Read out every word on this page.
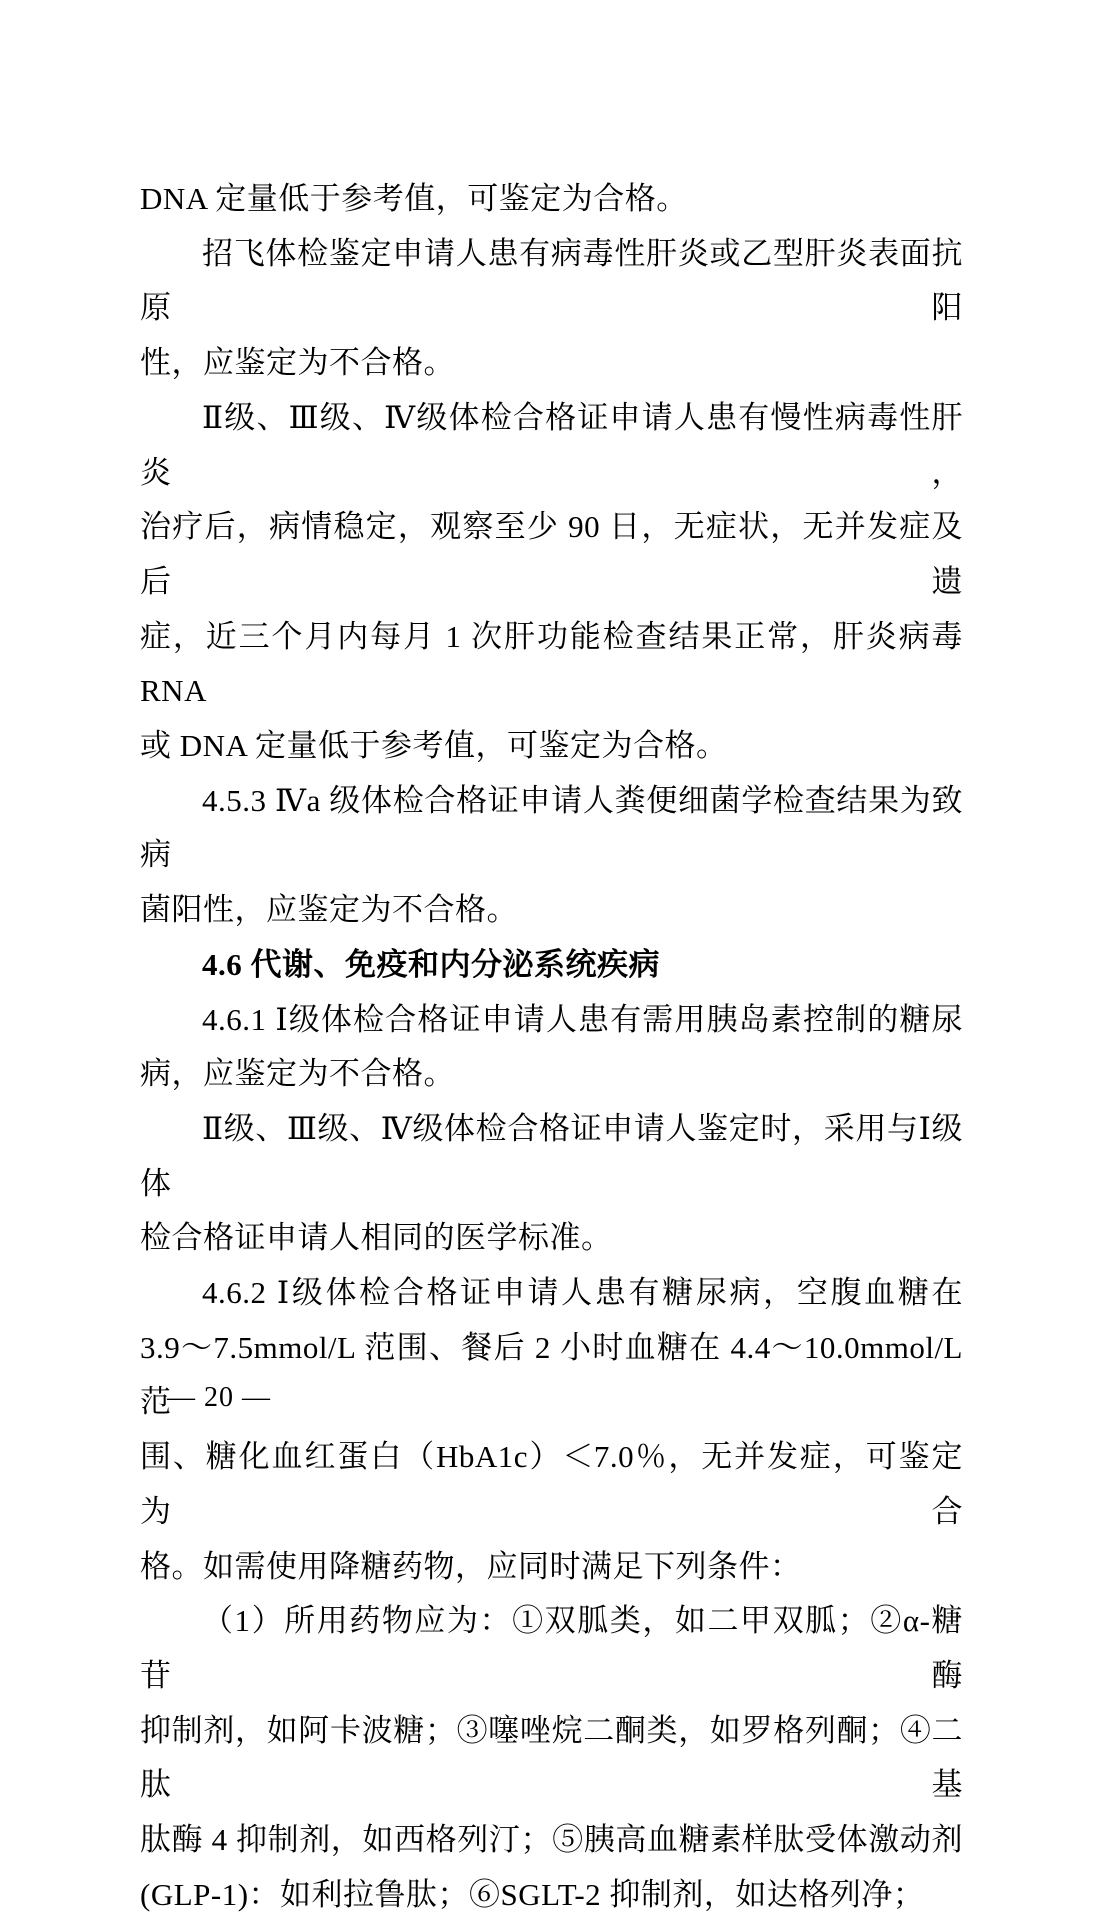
DNA 定量低于参考值，可鉴定为合格。

招飞体检鉴定申请人患有病毒性肝炎或乙型肝炎表面抗原阳

性，应鉴定为不合格。

Ⅱ级、Ⅲ级、Ⅳ级体检合格证申请人患有慢性病毒性肝炎，

治疗后，病情稳定，观察至少 90 日，无症状，无并发症及后遗

症，近三个月内每月 1 次肝功能检查结果正常，肝炎病毒 RNA

或 DNA 定量低于参考值，可鉴定为合格。

4.5.3 Ⅳa 级体检合格证申请人粪便细菌学检查结果为致病

菌阳性，应鉴定为不合格。

4.6 代谢、免疫和内分泌系统疾病

4.6.1 Ⅰ级体检合格证申请人患有需用胰岛素控制的糖尿

病，应鉴定为不合格。

Ⅱ级、Ⅲ级、Ⅳ级体检合格证申请人鉴定时，采用与Ⅰ级体

检合格证申请人相同的医学标准。

4.6.2 Ⅰ级体检合格证申请人患有糖尿病，空腹血糖在

3.9～7.5mmol/L 范围、餐后 2 小时血糖在 4.4～10.0mmol/L 范

围、糖化血红蛋白（HbA1c）＜7.0％，无并发症，可鉴定为合

格。如需使用降糖药物，应同时满足下列条件：

（1）所用药物应为：①双胍类，如二甲双胍；②α-糖苷酶

抑制剂，如阿卡波糖；③噻唑烷二酮类，如罗格列酮；④二肽基

肽酶 4 抑制剂，如西格列汀；⑤胰高血糖素样肽受体激动剂

(GLP-1)：如利拉鲁肽；⑥SGLT-2 抑制剂，如达格列净；

— 20 —
